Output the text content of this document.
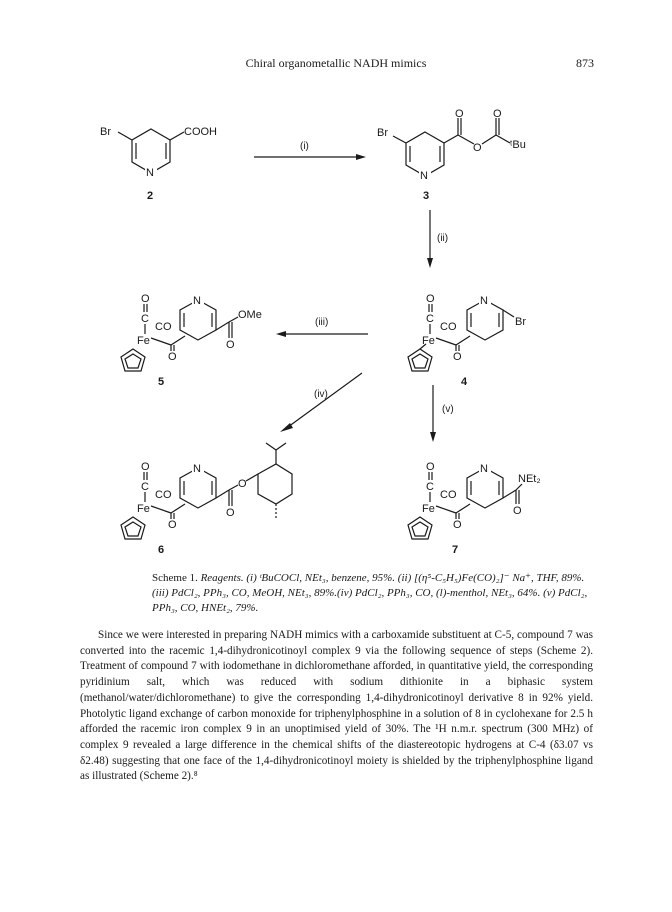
Chiral organometallic NADH mimics	873
Br	COOH
N
2
(i)
Br
O
O
O
ᵗBu
N
3
(ii)
O
C
Fe
CO
O
N
Br
4
(iii)
O
C
Fe
CO
O
N
O
OMe
5
(iv)
(v)
O
C
Fe
CO
O
N
O
O
6
O
C
Fe
CO
O
N
O
NEt₂
7
Scheme 1. Reagents. (i) ᵗBuCOCl, NEt₃, benzene, 95%. (ii) [(η⁵-C₅H₅)Fe(CO)₂]⁻ Na⁺, THF, 89%. (iii) PdCl₂, PPh₃, CO, MeOH, NEt₃, 89%.(iv) PdCl₂, PPh₃, CO, (l)-menthol, NEt₃, 64%. (v) PdCl₂, PPh₃, CO, HNEt₂, 79%.

Since we were interested in preparing NADH mimics with a carboxamide substituent at C-5, compound 7 was converted into the racemic 1,4-dihydronicotinoyl complex 9 via the following sequence of steps (Scheme 2). Treatment of compound 7 with iodomethane in dichloromethane afforded, in quantitative yield, the corresponding pyridinium salt, which was reduced with sodium dithionite in a biphasic system (methanol/water/dichloromethane) to give the corresponding 1,4-dihydronicotinoyl derivative 8 in 92% yield. Photolytic ligand exchange of carbon monoxide for triphenylphosphine in a solution of 8 in cyclohexane for 2.5 h afforded the racemic iron complex 9 in an unoptimised yield of 30%. The ¹H n.m.r. spectrum (300 MHz) of complex 9 revealed a large difference in the chemical shifts of the diastereotopic hydrogens at C-4 (δ3.07 vs δ2.48) suggesting that one face of the 1,4-dihydronicotinoyl moiety is shielded by the triphenylphosphine ligand as illustrated (Scheme 2).⁸
